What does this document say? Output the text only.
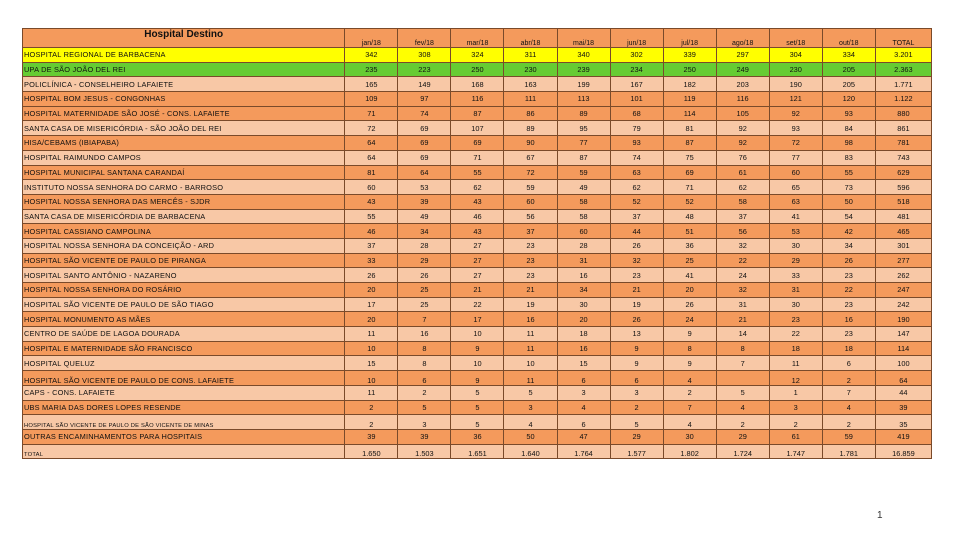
Hospital Destino	jan/18	fev/18	mar/18	abr/18	mai/18	jun/18	jul/18	ago/18	set/18	out/18	TOTAL
HOSPITAL REGIONAL DE BARBACENA	342	308	324	311	340	302	339	297	304	334	3.201
UPA DE SÃO JOÃO DEL REI	235	223	250	230	239	234	250	249	230	205	2.363
POLICLÍNICA - CONSELHEIRO LAFAIETE	165	149	168	163	199	167	182	203	190	205	1.771
HOSPITAL BOM JESUS - CONGONHAS	109	97	116	111	113	101	119	116	121	120	1.122
HOSPITAL MATERNIDADE SÃO JOSÉ - CONS. LAFAIETE	71	74	87	86	89	68	114	105	92	93	880
SANTA CASA DE MISERICÓRDIA - SÃO JOÃO DEL REI	72	69	107	89	95	79	81	92	93	84	861
HISA/CEBAMS (IBIAPABA)	64	69	69	90	77	93	87	92	72	98	781
HOSPITAL RAIMUNDO CAMPOS	64	69	71	67	87	74	75	76	77	83	743
HOSPITAL MUNICIPAL SANTANA CARANDAÍ	81	64	55	72	59	63	69	61	60	55	629
INSTITUTO NOSSA SENHORA DO CARMO - BARROSO	60	53	62	59	49	62	71	62	65	73	596
HOSPITAL NOSSA SENHORA DAS MERCÊS - SJDR	43	39	43	60	58	52	52	58	63	50	518
SANTA CASA DE MISERICÓRDIA DE BARBACENA	55	49	46	56	58	37	48	37	41	54	481
HOSPITAL CASSIANO CAMPOLINA	46	34	43	37	60	44	51	56	53	42	465
HOSPITAL NOSSA SENHORA DA CONCEIÇÃO - ARD	37	28	27	23	28	26	36	32	30	34	301
HOSPITAL SÃO VICENTE DE PAULO DE PIRANGA	33	29	27	23	31	32	25	22	29	26	277
HOSPITAL SANTO ANTÔNIO - NAZARENO	26	26	27	23	16	23	41	24	33	23	262
HOSPITAL NOSSA SENHORA DO ROSÁRIO	20	25	21	21	34	21	20	32	31	22	247
HOSPITAL SÃO VICENTE DE PAULO DE SÃO TIAGO	17	25	22	19	30	19	26	31	30	23	242
HOSPITAL MONUMENTO AS MÃES	20	7	17	16	20	26	24	21	23	16	190
CENTRO DE SAÚDE DE LAGOA DOURADA	11	16	10	11	18	13	9	14	22	23	147
HOSPITAL E MATERNIDADE SÃO FRANCISCO	10	8	9	11	16	9	8	8	18	18	114
HOSPITAL QUELUZ	15	8	10	10	15	9	9	7	11	6	100
HOSPITAL SÃO VICENTE DE PAULO DE CONS. LAFAIETE	10	6	9	11	6	6	4		12	2	64
CAPS - CONS. LAFAIETE	11	2	5	5	3	3	2	5	1	7	44
UBS MARIA DAS DORES LOPES RESENDE	2	5	5	3	4	2	7	4	3	4	39
HOSPITAL SÃO VICENTE DE PAULO DE SÃO VICENTE DE MINAS	2	3	5	4	6	5	4	2	2	2	35
OUTRAS ENCAMINHAMENTOS PARA HOSPITAIS	39	39	36	50	47	29	30	29	61	59	419
TOTAL	1.650	1.503	1.651	1.640	1.764	1.577	1.802	1.724	1.747	1.781	16.859
1
